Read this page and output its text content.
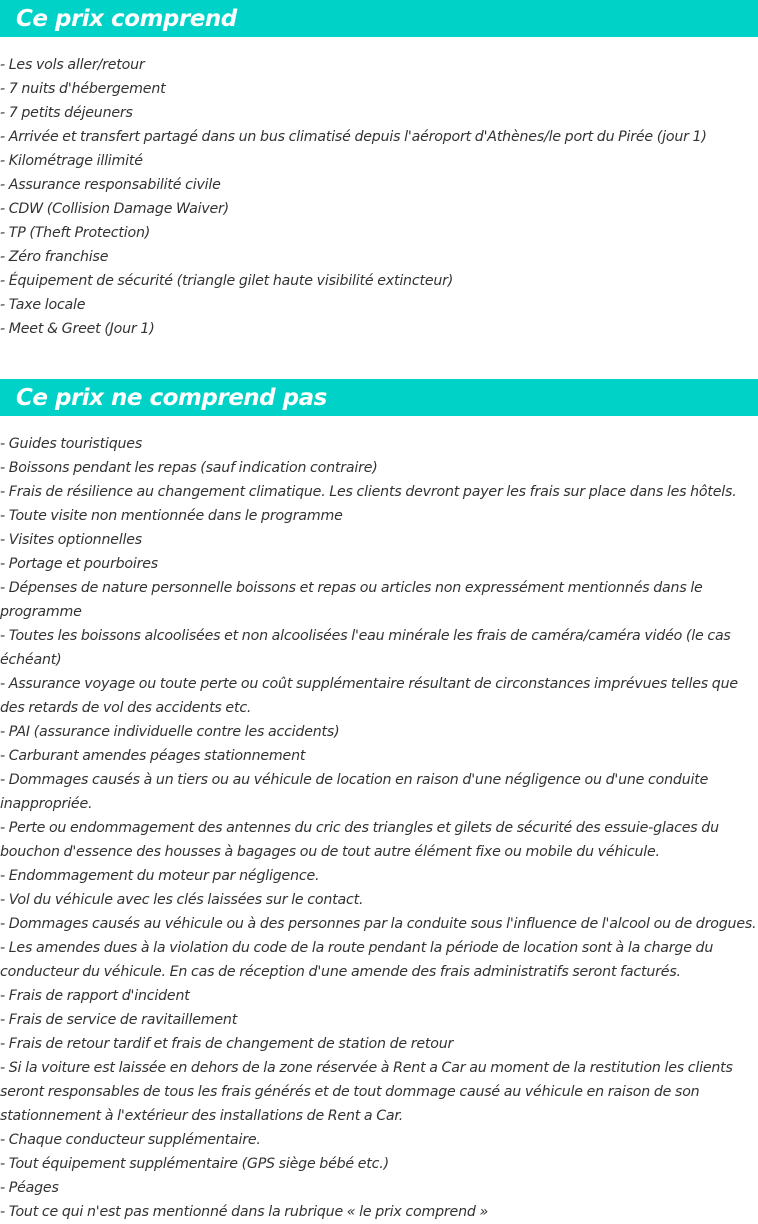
Ce prix comprend
- Les vols aller/retour
- 7 nuits d'hébergement
- 7 petits déjeuners
- Arrivée et transfert partagé dans un bus climatisé depuis l'aéroport d'Athènes/le port du Pirée (jour 1)
- Kilométrage illimité
- Assurance responsabilité civile
- CDW (Collision Damage Waiver)
- TP (Theft Protection)
- Zéro franchise
- Équipement de sécurité (triangle gilet haute visibilité extincteur)
- Taxe locale
- Meet & Greet (Jour 1)
Ce prix ne comprend pas
- Guides touristiques
- Boissons pendant les repas (sauf indication contraire)
- Frais de résilience au changement climatique. Les clients devront payer les frais sur place dans les hôtels.
- Toute visite non mentionnée dans le programme
- Visites optionnelles
- Portage et pourboires
- Dépenses de nature personnelle boissons et repas ou articles non expressément mentionnés dans le programme
- Toutes les boissons alcoolisées et non alcoolisées l'eau minérale les frais de caméra/caméra vidéo (le cas échéant)
- Assurance voyage ou toute perte ou coût supplémentaire résultant de circonstances imprévues telles que des retards de vol des accidents etc.
- PAI (assurance individuelle contre les accidents)
- Carburant amendes péages stationnement
- Dommages causés à un tiers ou au véhicule de location en raison d'une négligence ou d'une conduite inappropriée.
- Perte ou endommagement des antennes du cric des triangles et gilets de sécurité des essuie-glaces du bouchon d'essence des housses à bagages ou de tout autre élément fixe ou mobile du véhicule.
- Endommagement du moteur par négligence.
- Vol du véhicule avec les clés laissées sur le contact.
- Dommages causés au véhicule ou à des personnes par la conduite sous l'influence de l'alcool ou de drogues.
- Les amendes dues à la violation du code de la route pendant la période de location sont à la charge du conducteur du véhicule. En cas de réception d'une amende des frais administratifs seront facturés.
- Frais de rapport d'incident
- Frais de service de ravitaillement
- Frais de retour tardif et frais de changement de station de retour
- Si la voiture est laissée en dehors de la zone réservée à Rent a Car au moment de la restitution les clients seront responsables de tous les frais générés et de tout dommage causé au véhicule en raison de son stationnement à l'extérieur des installations de Rent a Car.
- Chaque conducteur supplémentaire.
- Tout équipement supplémentaire (GPS siège bébé etc.)
- Péages
- Tout ce qui n'est pas mentionné dans la rubrique « le prix comprend »
